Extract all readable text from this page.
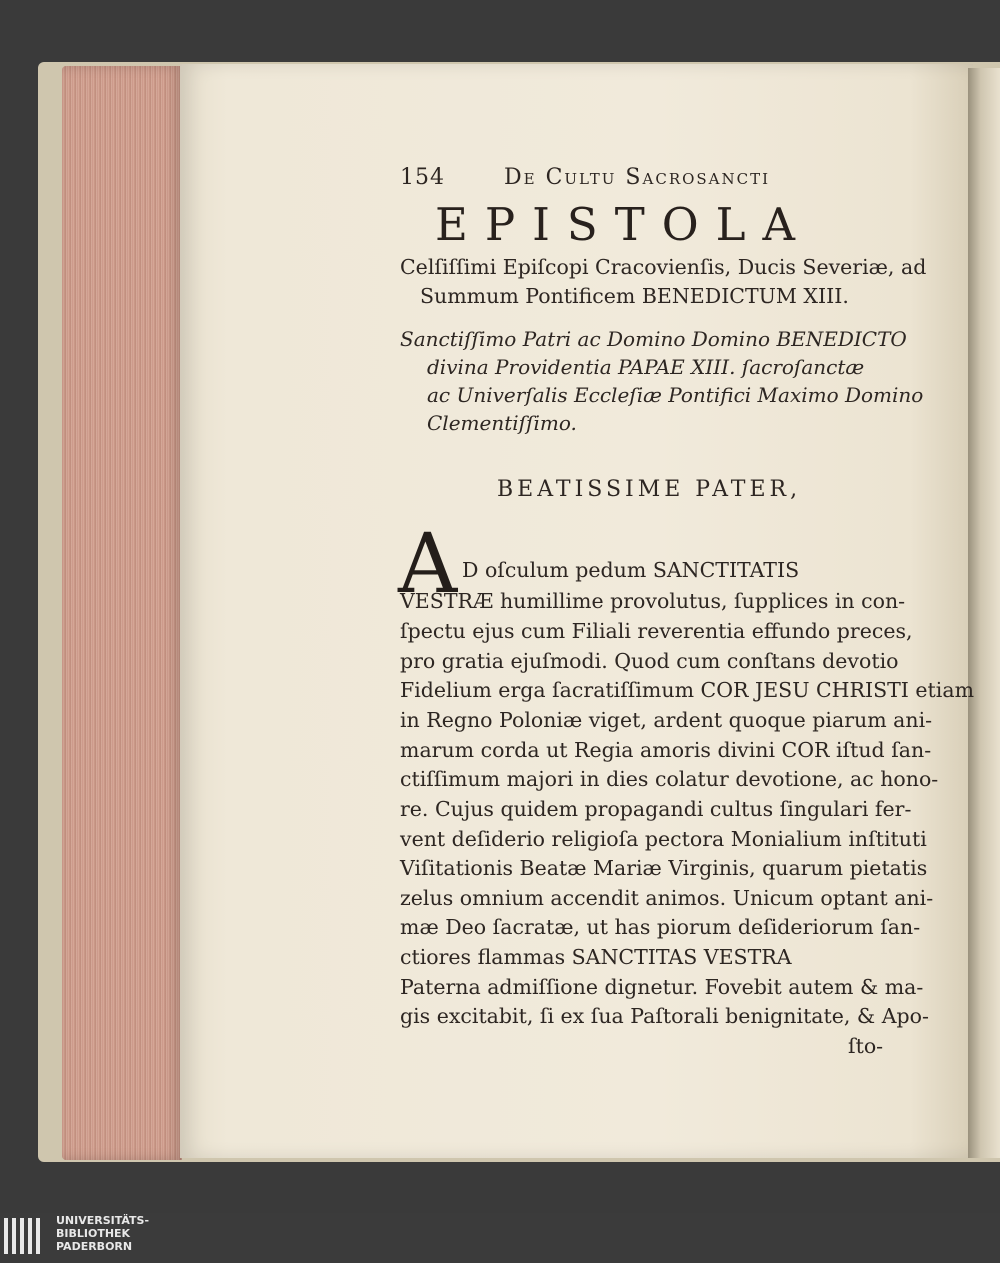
154	De Cultu Sacrosancti
EPISTOLA
Celſiſſimi Epiſcopi Cracovienſis, Ducis Severiæ, ad
Summum Pontificem BENEDICTUM XIII.
Sanctiſſimo Patri ac Domino Domino BENEDICTO
divina Providentia PAPAE XIII. ſacroſanctæ
ac Univerſalis Eccleſiæ Pontifici Maximo Domino
Clementiſſimo.
BEATISSIME PATER,
A D oſculum pedum SANCTITATIS
VESTRÆ humillime provolutus, ſupplices in con-
ſpectu ejus cum Filiali reverentia effundo preces,
pro gratia ejuſmodi. Quod cum conſtans devotio
Fidelium erga ſacratiſſimum COR JESU CHRISTI etiam
in Regno Poloniæ viget, ardent quoque piarum ani-
marum corda ut Regia amoris divini COR iſtud ſan-
ctiſſimum majori in dies colatur devotione, ac hono-
re. Cujus quidem propagandi cultus ſingulari fer-
vent deſiderio religioſa pectora Monialium inſtituti
Viſitationis Beatæ Mariæ Virginis, quarum pietatis
zelus omnium accendit animos. Unicum optant ani-
mæ Deo ſacratæ, ut has piorum deſideriorum ſan-
ctiores flammas SANCTITAS VESTRA
Paterna admiſſione dignetur. Fovebit autem & ma-
gis excitabit, ſi ex ſua Paſtorali benignitate, & Apo-
ſto-
UNIVERSITÄTS-
BIBLIOTHEK
PADERBORN
